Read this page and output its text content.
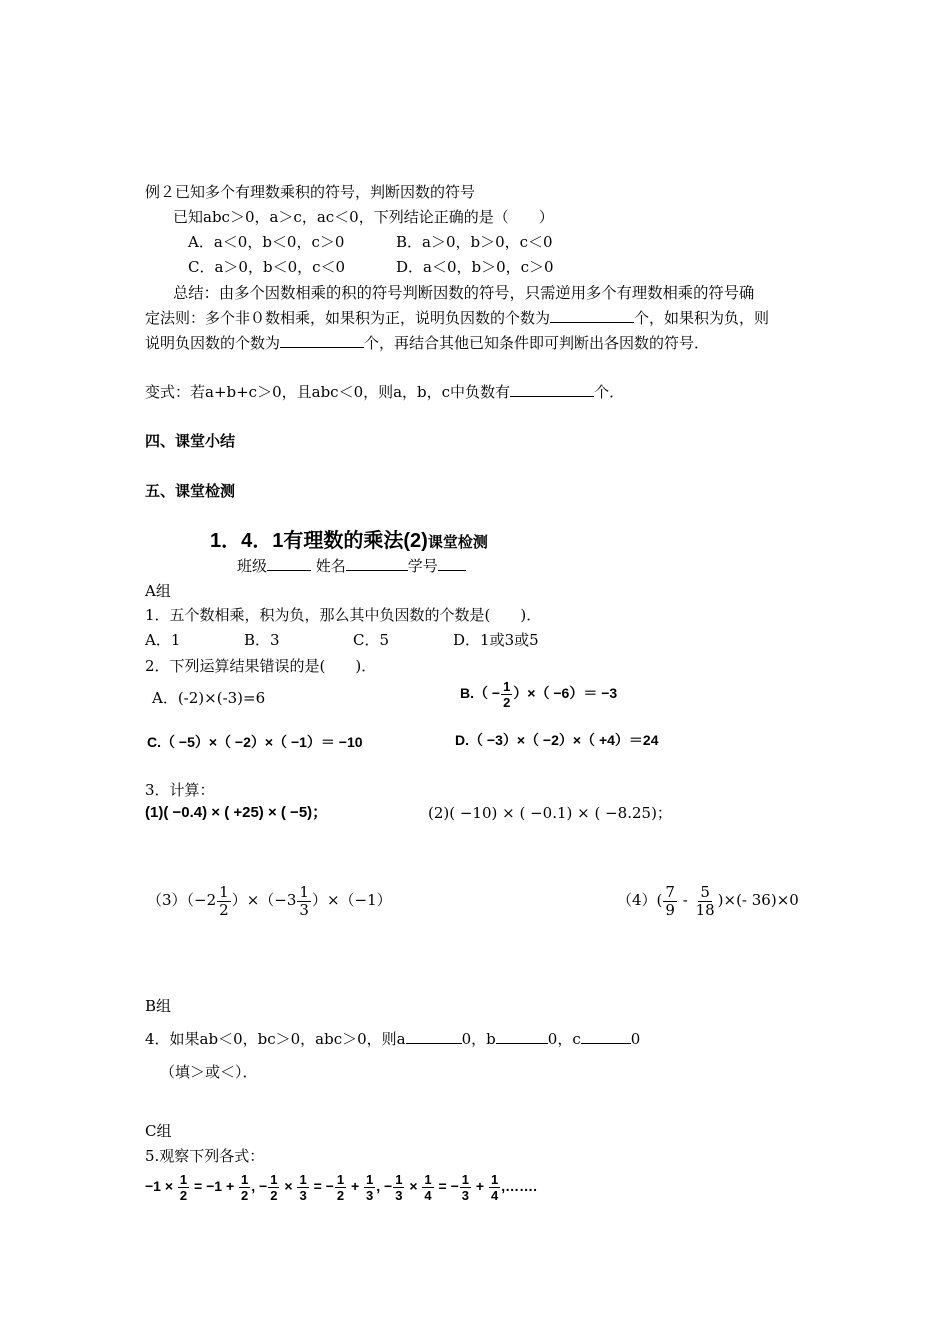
例２已知多个有理数乘积的符号，判断因数的符号
已知abc＞0，a＞c，ac＜0，下列结论正确的是（　　）
A．a＜0，b＜0，c＞0	B．a＞0，b＞0，c＜0
C．a＞0，b＜0，c＜0	D．a＜0，b＞0，c＞0
总结：由多个因数相乘的积的符号判断因数的符号，只需逆用多个有理数相乘的符号确
定法则：多个非０数相乘，如果积为正，说明负因数的个数为	个，如果积为负，则
说明负因数的个数为	个，再结合其他已知条件即可判断出各因数的符号．
变式：若a+b+c＞0，且abc＜0，则a，b，c中负数有	个．
四、课堂小结
五、课堂检测
1．4．1有理数的乘法(2)课堂检测
班级	姓名	学号
A组
1．五个数相乘，积为负，那么其中负因数的个数是(　　)．
A．1	B．3	C．5	D．1或3或5
2．下列运算结果错误的是(　　)．
A．(-2)×(-3)=6	$B.( - \frac{1}{2}$ ）×（ −6）＝ −3
C.（ −5）×（ −2）×（ −1）＝ −10	D.（ −3）×（ −2）×（ +4）＝24
3．计算：
(1)( −0.4) × ( +25) × ( −5)；	(2)( −10) × ( −0.1) × ( −8.25)；
$(3)(-2 \frac{1}{2} )\times(-3 \frac{1}{3} )\times(-1)$	$(4)( \frac{7}{9} - \frac{5}{18}$ )×(- 36)×0
B组
4．如果ab＜0，bc＞0，abc＞0，则a	0，b	0，c	0
（填＞或＜）．
C组
5.观察下列各式：
$-1 \times \frac{1}{2} = -1 + \frac{1}{2}$ , − $\frac{1}{2} \times \frac{1}{3}$ = − $\frac{1}{2} + \frac{1}{3}$ , − $\frac{1}{3} \times \frac{1}{4}$ = − $\frac{1}{3} + \frac{1}{4}$ ,…….
